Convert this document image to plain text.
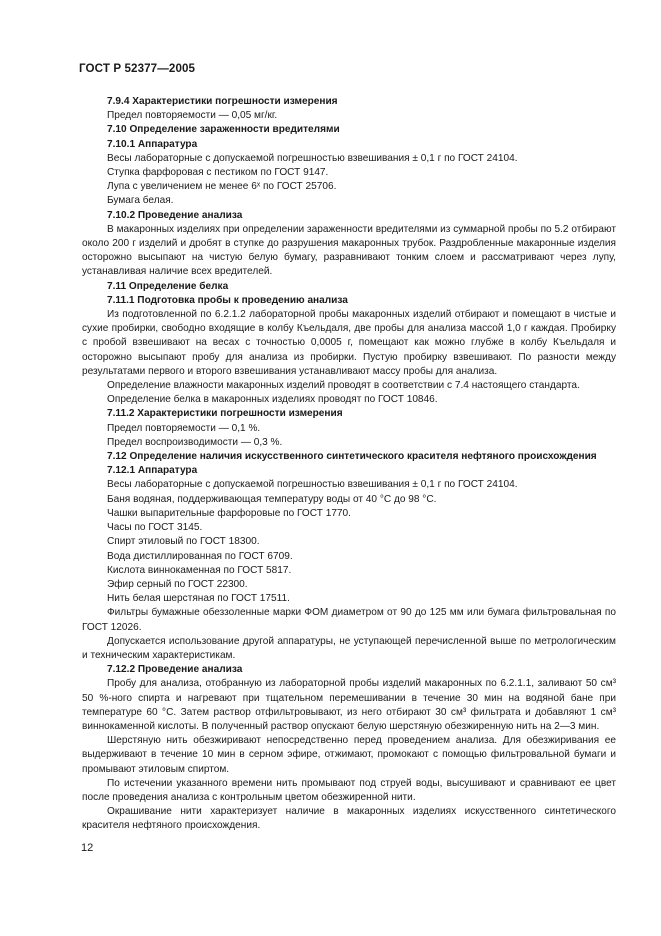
ГОСТ Р 52377—2005
7.9.4 Характеристики погрешности измерения
Предел повторяемости — 0,05 мг/кг.
7.10 Определение зараженности вредителями
7.10.1 Аппаратура
Весы лабораторные с допускаемой погрешностью взвешивания ± 0,1 г по ГОСТ 24104.
Ступка фарфоровая с пестиком по ГОСТ 9147.
Лупа с увеличением не менее 6ˣ по ГОСТ 25706.
Бумага белая.
7.10.2 Проведение анализа
В макаронных изделиях при определении зараженности вредителями из суммарной пробы по 5.2 отбирают около 200 г изделий и дробят в ступке до разрушения макаронных трубок. Раздробленные макаронные изделия осторожно высыпают на чистую белую бумагу, разравнивают тонким слоем и рассматривают через лупу, устанавливая наличие всех вредителей.
7.11 Определение белка
7.11.1 Подготовка пробы к проведению анализа
Из подготовленной по 6.2.1.2 лабораторной пробы макаронных изделий отбирают и помещают в чистые и сухие пробирки, свободно входящие в колбу Къельдаля, две пробы для анализа массой 1,0 г каждая. Пробирку с пробой взвешивают на весах с точностью 0,0005 г, помещают как можно глубже в колбу Къельдаля и осторожно высыпают пробу для анализа из пробирки. Пустую пробирку взвешивают. По разности между результатами первого и второго взвешивания устанавливают массу пробы для анализа.
Определение влажности макаронных изделий проводят в соответствии с 7.4 настоящего стандарта.
Определение белка в макаронных изделиях проводят по ГОСТ 10846.
7.11.2 Характеристики погрешности измерения
Предел повторяемости — 0,1 %.
Предел воспроизводимости — 0,3 %.
7.12 Определение наличия искусственного синтетического красителя нефтяного происхождения
7.12.1 Аппаратура
Весы лабораторные с допускаемой погрешностью взвешивания ± 0,1 г по ГОСТ 24104.
Баня водяная, поддерживающая температуру воды от 40 °С до 98 °С.
Чашки выпарительные фарфоровые по ГОСТ 1770.
Часы по ГОСТ 3145.
Спирт этиловый по ГОСТ 18300.
Вода дистиллированная по ГОСТ 6709.
Кислота виннокаменная по ГОСТ 5817.
Эфир серный по ГОСТ 22300.
Нить белая шерстяная по ГОСТ 17511.
Фильтры бумажные обеззоленные марки ФОМ диаметром от 90 до 125 мм или бумага фильтровальная по ГОСТ 12026.
Допускается использование другой аппаратуры, не уступающей перечисленной выше по метрологическим и техническим характеристикам.
7.12.2 Проведение анализа
Пробу для анализа, отобранную из лабораторной пробы изделий макаронных по 6.2.1.1, заливают 50 см³ 50 %-ного спирта и нагревают при тщательном перемешивании в течение 30 мин на водяной бане при температуре 60 °С. Затем раствор отфильтровывают, из него отбирают 30 см³ фильтрата и добавляют 1 см³ виннокаменной кислоты. В полученный раствор опускают белую шерстяную обезжиренную нить на 2—3 мин.
Шерстяную нить обезжиривают непосредственно перед проведением анализа. Для обезжиривания ее выдерживают в течение 10 мин в серном эфире, отжимают, промокают с помощью фильтровальной бумаги и промывают этиловым спиртом.
По истечении указанного времени нить промывают под струей воды, высушивают и сравнивают ее цвет после проведения анализа с контрольным цветом обезжиренной нити.
Окрашивание нити характеризует наличие в макаронных изделиях искусственного синтетического красителя нефтяного происхождения.
12
